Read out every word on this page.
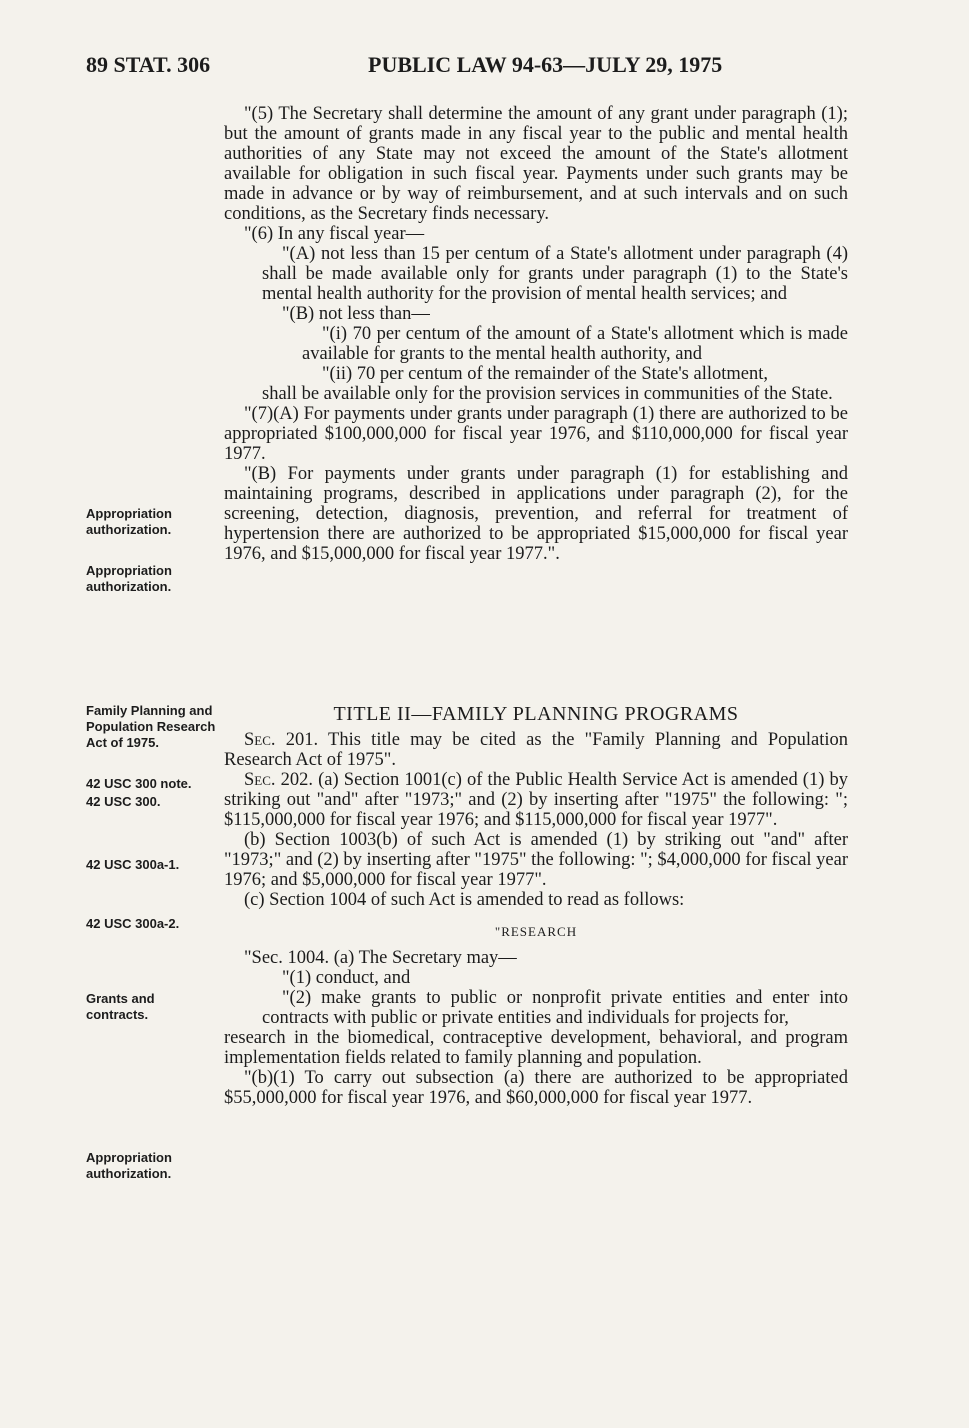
89 STAT. 306	PUBLIC LAW 94-63—JULY 29, 1975
Appropriation authorization.
Appropriation authorization.
Family Planning and Population Research Act of 1975.
42 USC 300 note.
42 USC 300.
42 USC 300a-1.
42 USC 300a-2.
Grants and contracts.
Appropriation authorization.

"(5) The Secretary shall determine the amount of any grant under paragraph (1); but the amount of grants made in any fiscal year to the public and mental health authorities of any State may not exceed the amount of the State's allotment available for obligation in such fiscal year. Payments under such grants may be made in advance or by way of reimbursement, and at such intervals and on such conditions, as the Secretary finds necessary.

"(6) In any fiscal year—

"(A) not less than 15 per centum of a State's allotment under paragraph (4) shall be made available only for grants under paragraph (1) to the State's mental health authority for the provision of mental health services; and

"(B) not less than—

"(i) 70 per centum of the amount of a State's allotment which is made available for grants to the mental health authority, and

"(ii) 70 per centum of the remainder of the State's allotment,

shall be available only for the provision services in communities of the State.

"(7)(A) For payments under grants under paragraph (1) there are authorized to be appropriated $100,000,000 for fiscal year 1976, and $110,000,000 for fiscal year 1977.

"(B) For payments under grants under paragraph (1) for establishing and maintaining programs, described in applications under paragraph (2), for the screening, detection, diagnosis, prevention, and referral for treatment of hypertension there are authorized to be appropriated $15,000,000 for fiscal year 1976, and $15,000,000 for fiscal year 1977.".

TITLE II—FAMILY PLANNING PROGRAMS

Sec. 201. This title may be cited as the "Family Planning and Population Research Act of 1975".

Sec. 202. (a) Section 1001(c) of the Public Health Service Act is amended (1) by striking out "and" after "1973;" and (2) by inserting after "1975" the following: "; $115,000,000 for fiscal year 1976; and $115,000,000 for fiscal year 1977".

(b) Section 1003(b) of such Act is amended (1) by striking out "and" after "1973;" and (2) by inserting after "1975" the following: "; $4,000,000 for fiscal year 1976; and $5,000,000 for fiscal year 1977".

(c) Section 1004 of such Act is amended to read as follows:

"RESEARCH

"Sec. 1004. (a) The Secretary may—

"(1) conduct, and

"(2) make grants to public or nonprofit private entities and enter into contracts with public or private entities and individuals for projects for,

research in the biomedical, contraceptive development, behavioral, and program implementation fields related to family planning and population.

"(b)(1) To carry out subsection (a) there are authorized to be appropriated $55,000,000 for fiscal year 1976, and $60,000,000 for fiscal year 1977.
